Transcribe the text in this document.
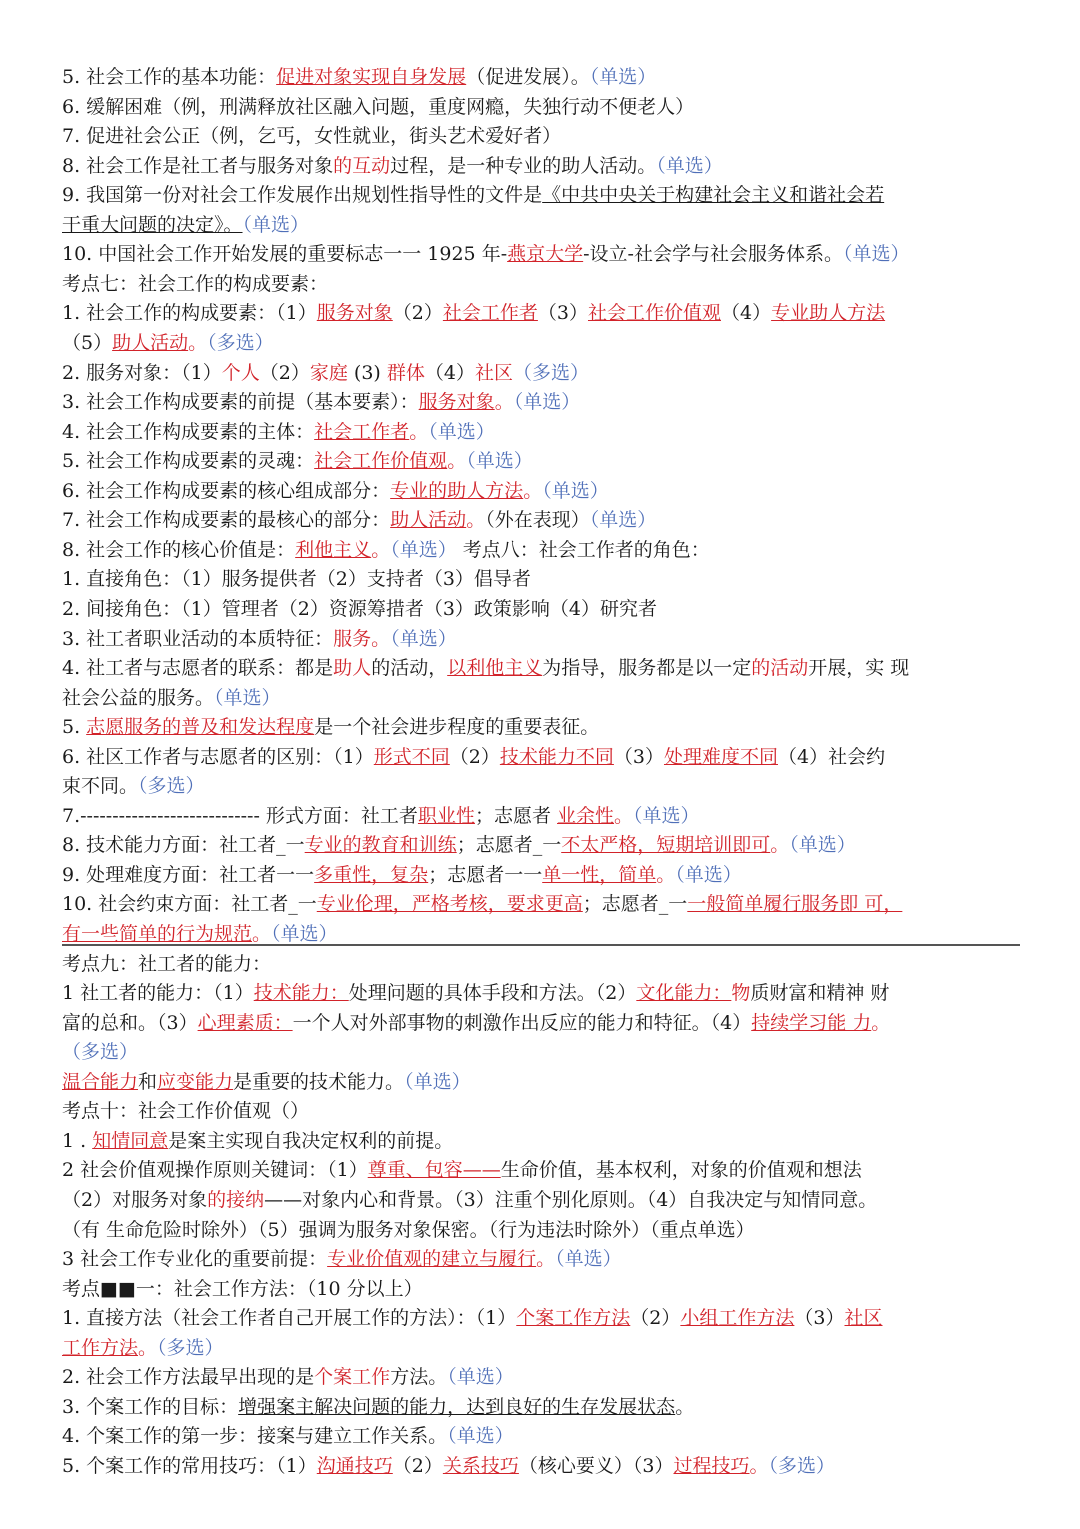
5. 社会工作的基本功能：促进对象实现自身发展（促进发展）。（单选）
6. 缓解困难（例，刑满释放社区融入问题，重度网瘾，失独行动不便老人）
7. 促进社会公正（例，乞丐，女性就业，街头艺术爱好者）
8. 社会工作是社工者与服务对象的互动过程，是一种专业的助人活动。（单选）
9. 我国第一份对社会工作发展作出规划性指导性的文件是《中共中央关于构建社会主义和谐社会若
干重大问题的决定》。（单选）
10. 中国社会工作开始发展的重要标志一一 1925 年-燕京大学-设立-社会学与社会服务体系。（单选）
考点七：社会工作的构成要素：
1. 社会工作的构成要素：（1）服务对象（2）社会工作者（3）社会工作价值观（4）专业助人方法
（5）助人活动。（多选）
2. 服务对象：（1）个人（2）家庭 (3) 群体（4）社区（多选）
3. 社会工作构成要素的前提（基本要素）：服务对象。（单选）
4. 社会工作构成要素的主体：社会工作者。（单选）
5. 社会工作构成要素的灵魂：社会工作价值观。（单选）
6. 社会工作构成要素的核心组成部分：专业的助人方法。（单选）
7. 社会工作构成要素的最核心的部分：助人活动。（外在表现）（单选）
8. 社会工作的核心价值是：利他主义。（单选） 考点八：社会工作者的角色：
1. 直接角色：（1）服务提供者（2）支持者（3）倡导者
2. 间接角色：（1）管理者（2）资源筹措者（3）政策影响（4）研究者
3. 社工者职业活动的本质特征：服务。（单选）
4. 社工者与志愿者的联系：都是助人的活动，以利他主义为指导，服务都是以一定的活动开展，实 现
社会公益的服务。（单选）
5. 志愿服务的普及和发达程度是一个社会进步程度的重要表征。
6. 社区工作者与志愿者的区别：（1）形式不同（2）技术能力不同（3）处理难度不同（4）社会约
束不同。（多选）
7.---------------------------- 形式方面：社工者职业性；志愿者 业余性。（单选）
8. 技术能力方面：社工者_一专业的教育和训练；志愿者_一不太严格，短期培训即可。（单选）
9. 处理难度方面：社工者一一多重性，复杂；志愿者一一单一性，简单。（单选）
10. 社会约束方面：社工者_一专业伦理，严格考核，要求更高；志愿者_一一般简单履行服务即 可，
有一些简单的行为规范。（单选）
考点九：社工者的能力：
1 社工者的能力：（1）技术能力：处理问题的具体手段和方法。（2）文化能力：物质财富和精神 财
富的总和。（3）心理素质：一个人对外部事物的刺激作出反应的能力和特征。（4）持续学习能 力。
（多选）
温合能力和应变能力是重要的技术能力。（单选）
考点十：社会工作价值观（）
1 . 知情同意是案主实现自我决定权利的前提。
2 社会价值观操作原则关键词：（1）尊重、包容——生命价值，基本权利，对象的价值观和想法
（2）对服务对象的接纳——对象内心和背景。（3）注重个别化原则。（4）自我决定与知情同意。
（有 生命危险时除外）（5）强调为服务对象保密。（行为违法时除外）（重点单选）
3 社会工作专业化的重要前提：专业价值观的建立与履行。（单选）
考点■■一：社会工作方法：（10 分以上）
1. 直接方法（社会工作者自己开展工作的方法）：（1）个案工作方法（2）小组工作方法（3）社区
工作方法。（多选）
2. 社会工作方法最早出现的是个案工作方法。（单选）
3. 个案工作的目标：增强案主解决问题的能力，达到良好的生存发展状态。
4. 个案工作的第一步：接案与建立工作关系。（单选）
5. 个案工作的常用技巧：（1）沟通技巧（2）关系技巧（核心要义）（3）过程技巧。（多选）
